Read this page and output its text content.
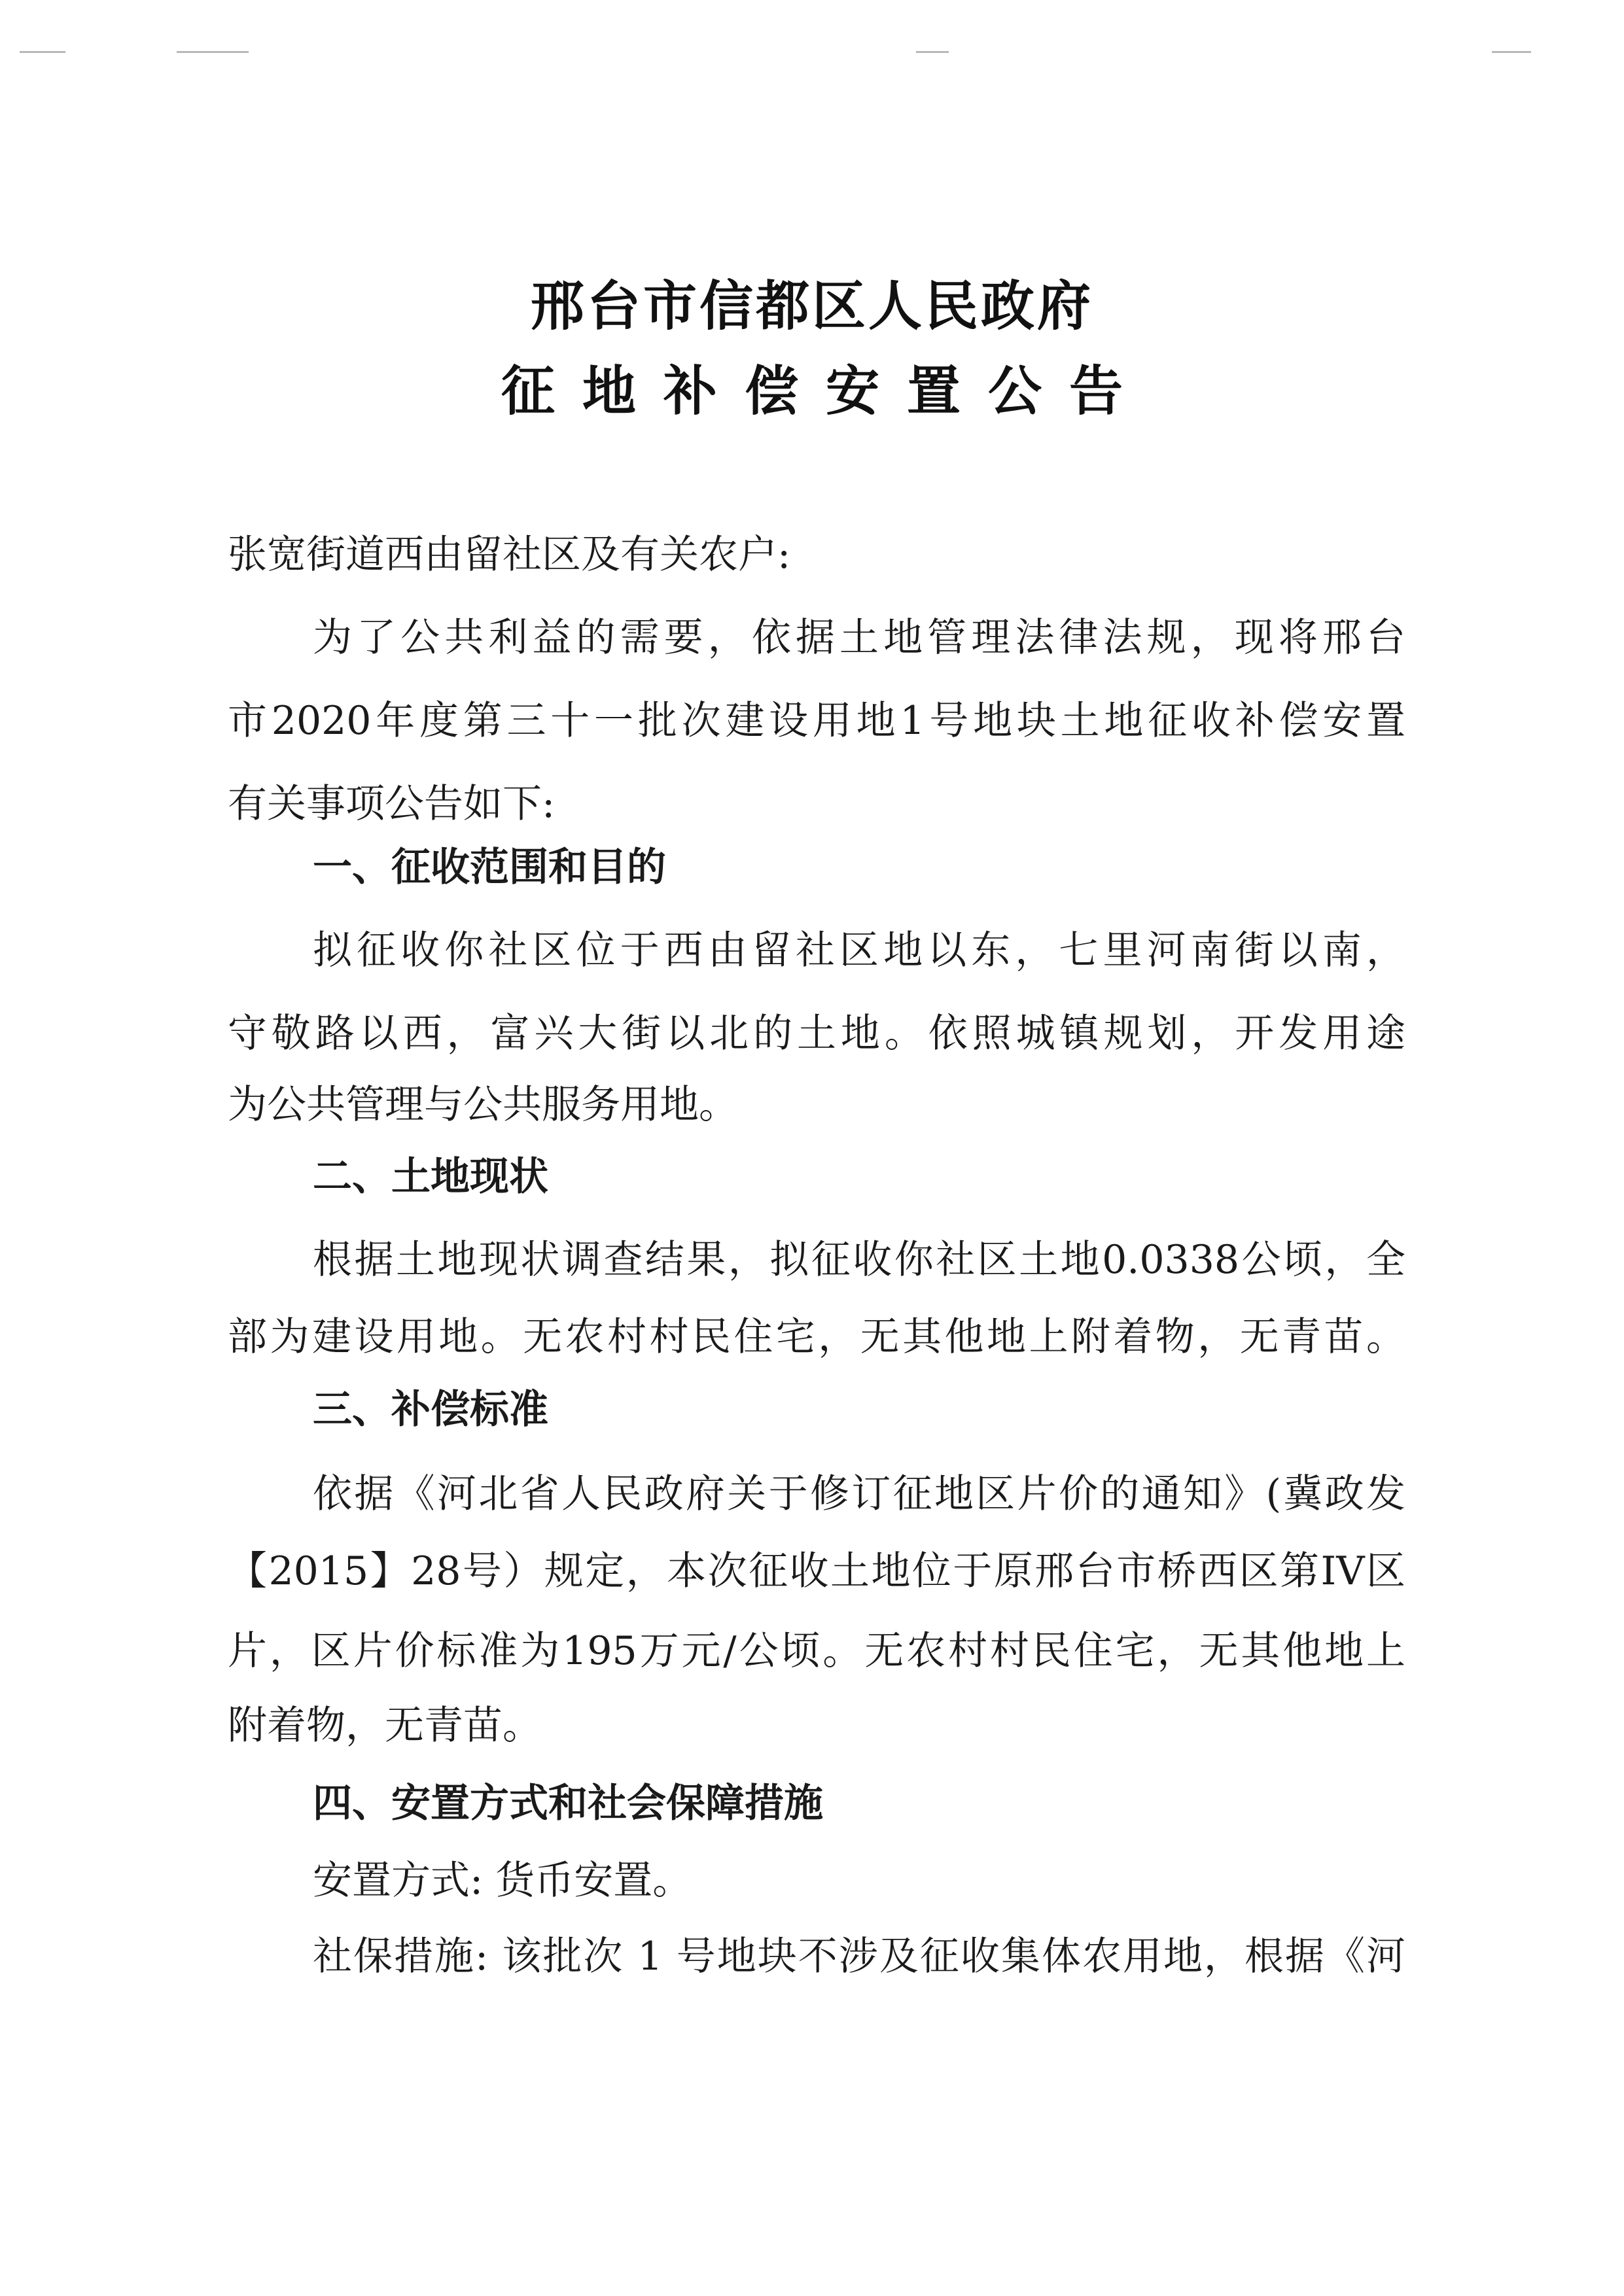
邢台市信都区人民政府
征地补偿安置公告
张宽街道西由留社区及有关农户:
为了公共利益的需要，依据土地管理法律法规，现将邢台
市2020年度第三十一批次建设用地1号地块土地征收补偿安置
有关事项公告如下:
一、征收范围和目的
拟征收你社区位于西由留社区地以东，七里河南街以南，
守敬路以西，富兴大街以北的土地。依照城镇规划，开发用途
为公共管理与公共服务用地。
二、土地现状
根据土地现状调查结果，拟征收你社区土地0.0338公顷，全
部为建设用地。无农村村民住宅，无其他地上附着物，无青苗。
三、补偿标准
依据《河北省人民政府关于修订征地区片价的通知》(冀政发
【2015】28号）规定，本次征收土地位于原邢台市桥西区第IV区
片，区片价标准为195万元/公顷。无农村村民住宅，无其他地上
附着物，无青苗。
四、安置方式和社会保障措施
安置方式: 货币安置。
社保措施: 该批次 1 号地块不涉及征收集体农用地，根据《河
